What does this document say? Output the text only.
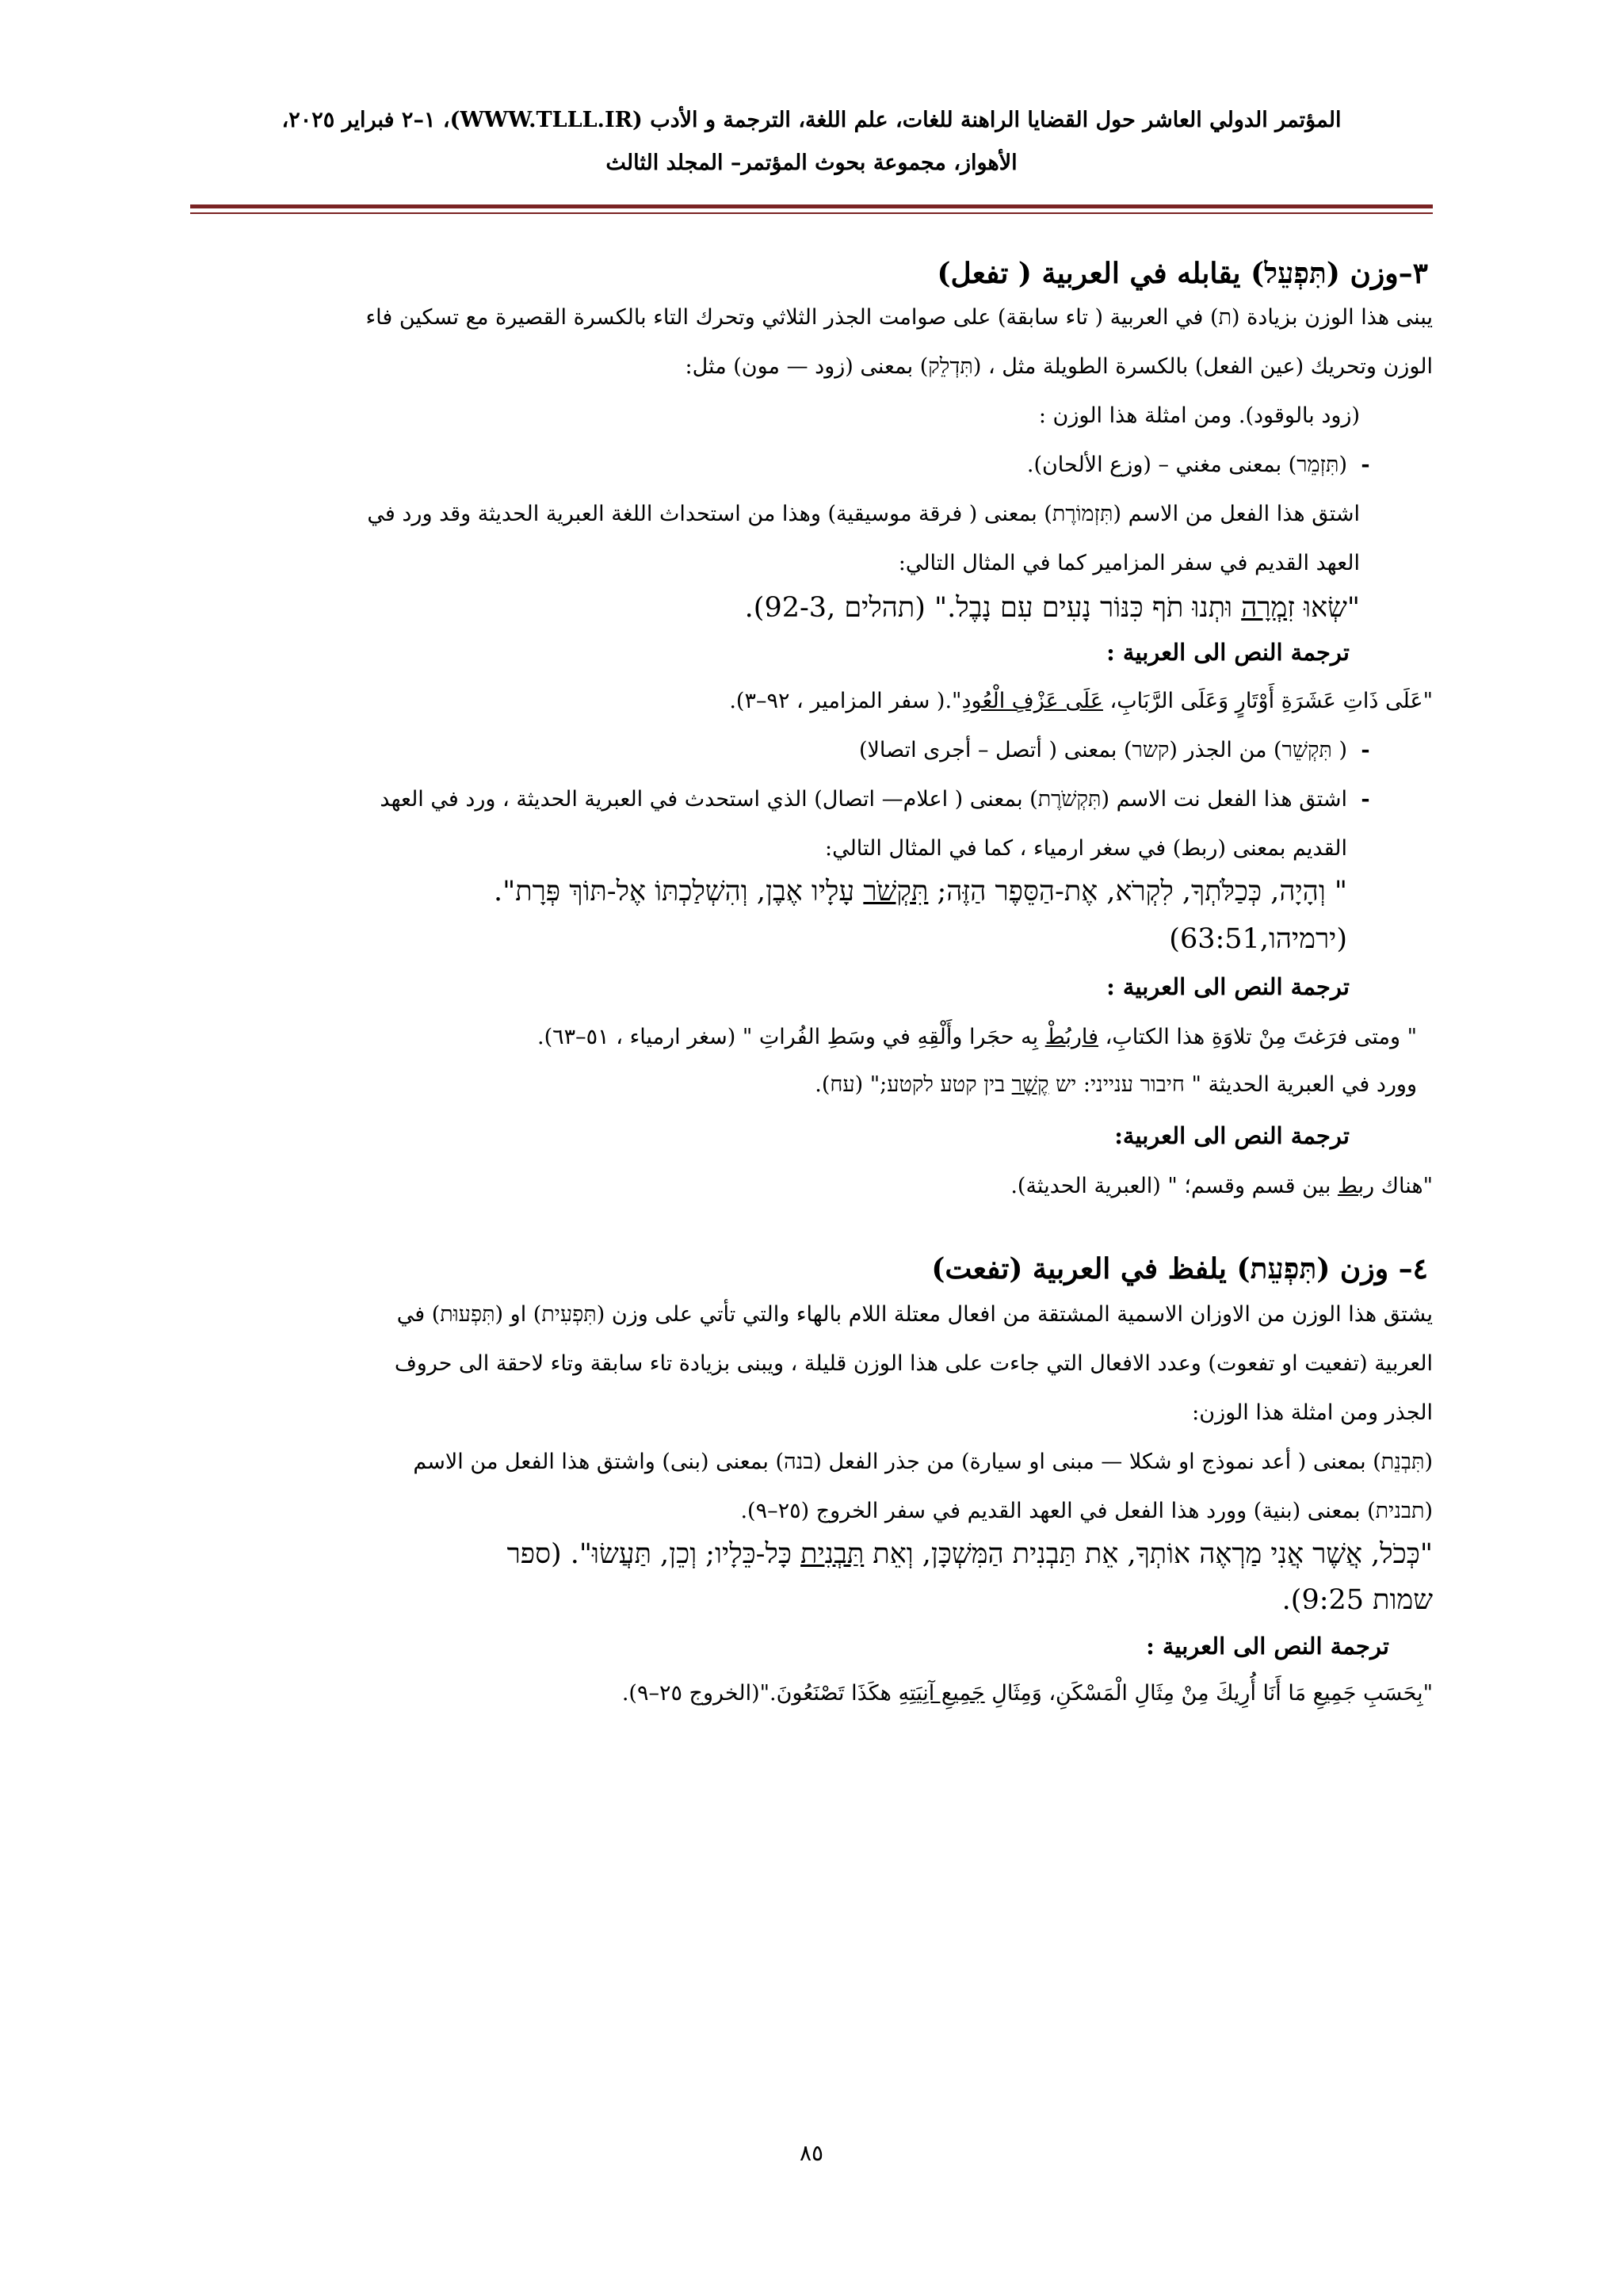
المؤتمر الدولي العاشر حول القضايا الراهنة للغات، علم اللغة، الترجمة و الأدب (WWW.TLLL.IR)، ١–٢ فبراير ٢٠٢٥،
الأهواز، مجموعة بحوث المؤتمر– المجلد الثالث
٣–وزن (תִּפְעֵל) يقابله في العربية ( تفعل)
يبنى هذا الوزن بزيادة (ת) في العربية ( تاء سابقة) على صوامت الجذر الثلاثي وتحرك التاء بالكسرة القصيرة مع تسكين فاء
الوزن وتحريك (عين الفعل) بالكسرة الطويلة مثل ، (תִּדְלֵק) بمعنى (زود — مون) مثل:
(زود بالوقود). ومن امثلة هذا الوزن :
-(תִּזְמֵר) بمعنى مغني – (وزع الألحان).
اشتق هذا الفعل من الاسم (תִּזְמוֹרֶת) بمعنى ( فرقة موسيقية) وهذا من استحداث اللغة العبرية الحديثة وقد ورد في
العهد القديم في سفر المزامير كما في المثال التالي:
"שְׂאוּ זִמְרָה וּתְנוּ תֹף כִּנּוֹר נָעִים עִם נָבֶל." (תהלים ,92-3).
ترجمة النص الى العربية :
"عَلَى ذَاتِ عَشَرَةِ أَوْتَارٍ وَعَلَى الرَّبَابِ، عَلَى عَزْفِ الْعُودِ".( سفر المزامير ، ٩٢–٣).
-( תִּקְשֵׁר) من الجذر (קשר) بمعنى ( أتصل – أجرى اتصالا)
-اشتق هذا الفعل نت الاسم (תִּקְשֹׁרֶת) بمعنى ( اعلام— اتصال) الذي استحدث في العبرية الحديثة ، ورد في العهد
القديم بمعنى (ربط) في سغر ارمياء ، كما في المثال التالي:
" וְהָיָה, כְּכַלֹּתְךָ, לִקְרֹא, אֶת-הַסֵּפֶר הַזֶּה; תִּקְשֹׁר עָלָיו אֶבֶן, וְהִשְׁלַכְתּוֹ אֶל-תּוֹךְ פְּרָת".
(ירמיהו,63:51)
ترجمة النص الى العربية :
" ومتى فرَغتَ مِنْ تلاوَةِ هذا الكتابِ، فاربُطْ بِه حجَرا وأَلْقِهِ في وسَطِ الفُراتِ " (سغر ارمياء ، ٥١–٦٣).
وورد في العبرية الحديثة " חיבור ענייני: יש קֶשֶׁר בין קטע לקטע;" (עח).
ترجمة النص الى العربية:
"هناك ربط بين قسم وقسم؛ " (العبرية الحديثة).
٤– وزن (תִּפְעֵת) يلفظ في العربية (تفعت)
يشتق هذا الوزن من الاوزان الاسمية المشتقة من افعال معتلة اللام بالهاء والتي تأتي على وزن (תִּפְעִית) او (תִּפְעוּת) في
العربية (تفعيت او تفعوت) وعدد الافعال التي جاءت على هذا الوزن قليلة ، ويبنى بزيادة تاء سابقة وتاء لاحقة الى حروف
الجذر ومن امثلة هذا الوزن:
(תִּבְנֵת) بمعنى ( أعد نموذج او شكلا — مبنى او سيارة) من جذر الفعل (בנה) بمعنى (بنى) واشتق هذا الفعل من الاسم
(תבנית) بمعنى (بنية) وورد هذا الفعل في العهد القديم في سفر الخروج (٢٥–٩).
"כְּכֹל, אֲשֶׁר אֲנִי מַרְאֶה אוֹתְךָ, אֵת תַּבְנִית הַמִּשְׁכָּן, וְאֵת תַּבְנִית כָּל-כֵּלָיו; וְכֵן, תַּעֲשׂוּ". (ספר
שמות 9:25).
ترجمة النص الى العربية :
"بِحَسَبِ جَمِيعِ مَا أَنَا أُرِيكَ مِنْ مِثَالِ الْمَسْكَنِ، وَمِثَالِ جَمِيعِ آنِيَتِهِ هكَذَا تَصْنَعُونَ."(الخروج ٢٥–٩).
٨٥
